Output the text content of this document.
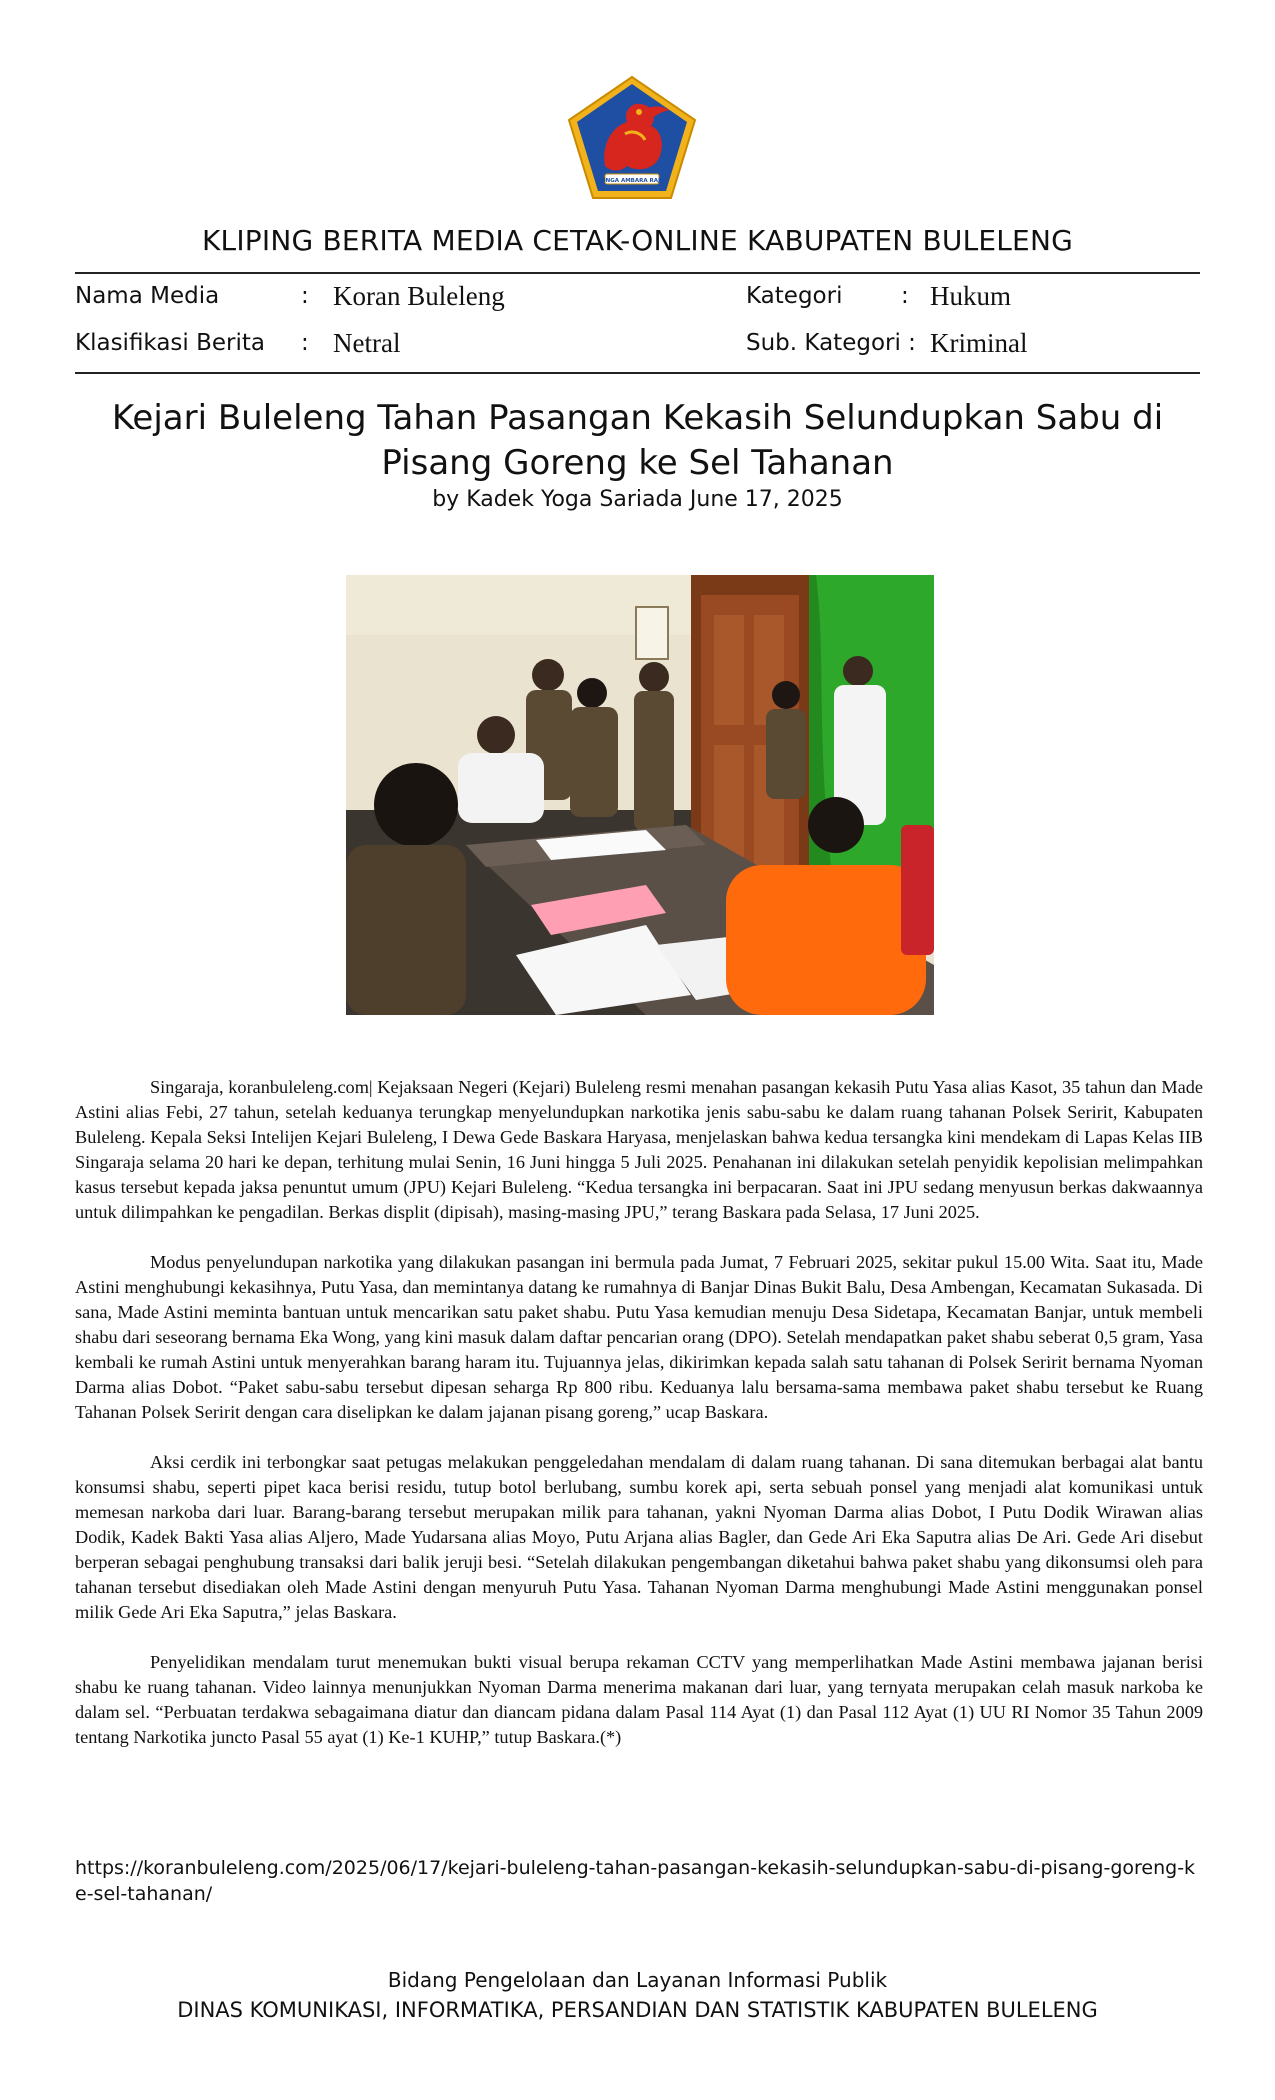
SINGA AMBARA RAJA
KLIPING BERITA MEDIA CETAK-ONLINE KABUPATEN BULELENG
Nama Media	: Koran Buleleng
Klasifikasi Berita : Netral
Kategori	: Hukum
Sub. Kategori : Kriminal
Kejari Buleleng Tahan Pasangan Kekasih Selundupkan Sabu di Pisang Goreng ke Sel Tahanan
by Kadek Yoga Sariada June 17, 2025

Singaraja, koranbuleleng.com| Kejaksaan Negeri (Kejari) Buleleng resmi menahan pasangan kekasih Putu Yasa alias Kasot, 35 tahun dan Made Astini alias Febi, 27 tahun, setelah keduanya terungkap menyelundupkan narkotika jenis sabu-sabu ke dalam ruang tahanan Polsek Seririt, Kabupaten Buleleng. Kepala Seksi Intelijen Kejari Buleleng, I Dewa Gede Baskara Haryasa, menjelaskan bahwa kedua tersangka kini mendekam di Lapas Kelas IIB Singaraja selama 20 hari ke depan, terhitung mulai Senin, 16 Juni hingga 5 Juli 2025. Penahanan ini dilakukan setelah penyidik kepolisian melimpahkan kasus tersebut kepada jaksa penuntut umum (JPU) Kejari Buleleng. “Kedua tersangka ini berpacaran. Saat ini JPU sedang menyusun berkas dakwaannya untuk dilimpahkan ke pengadilan. Berkas displit (dipisah), masing-masing JPU,” terang Baskara pada Selasa, 17 Juni 2025.

Modus penyelundupan narkotika yang dilakukan pasangan ini bermula pada Jumat, 7 Februari 2025, sekitar pukul 15.00 Wita. Saat itu, Made Astini menghubungi kekasihnya, Putu Yasa, dan memintanya datang ke rumahnya di Banjar Dinas Bukit Balu, Desa Ambengan, Kecamatan Sukasada. Di sana, Made Astini meminta bantuan untuk mencarikan satu paket shabu. Putu Yasa kemudian menuju Desa Sidetapa, Kecamatan Banjar, untuk membeli shabu dari seseorang bernama Eka Wong, yang kini masuk dalam daftar pencarian orang (DPO). Setelah mendapatkan paket shabu seberat 0,5 gram, Yasa kembali ke rumah Astini untuk menyerahkan barang haram itu. Tujuannya jelas, dikirimkan kepada salah satu tahanan di Polsek Seririt bernama Nyoman Darma alias Dobot. “Paket sabu-sabu tersebut dipesan seharga Rp 800 ribu. Keduanya lalu bersama-sama membawa paket shabu tersebut ke Ruang Tahanan Polsek Seririt dengan cara diselipkan ke dalam jajanan pisang goreng,” ucap Baskara.

Aksi cerdik ini terbongkar saat petugas melakukan penggeledahan mendalam di dalam ruang tahanan. Di sana ditemukan berbagai alat bantu konsumsi shabu, seperti pipet kaca berisi residu, tutup botol berlubang, sumbu korek api, serta sebuah ponsel yang menjadi alat komunikasi untuk memesan narkoba dari luar. Barang-barang tersebut merupakan milik para tahanan, yakni Nyoman Darma alias Dobot, I Putu Dodik Wirawan alias Dodik, Kadek Bakti Yasa alias Aljero, Made Yudarsana alias Moyo, Putu Arjana alias Bagler, dan Gede Ari Eka Saputra alias De Ari. Gede Ari disebut berperan sebagai penghubung transaksi dari balik jeruji besi. “Setelah dilakukan pengembangan diketahui bahwa paket shabu yang dikonsumsi oleh para tahanan tersebut disediakan oleh Made Astini dengan menyuruh Putu Yasa. Tahanan Nyoman Darma menghubungi Made Astini menggunakan ponsel milik Gede Ari Eka Saputra,” jelas Baskara.

Penyelidikan mendalam turut menemukan bukti visual berupa rekaman CCTV yang memperlihatkan Made Astini membawa jajanan berisi shabu ke ruang tahanan. Video lainnya menunjukkan Nyoman Darma menerima makanan dari luar, yang ternyata merupakan celah masuk narkoba ke dalam sel. “Perbuatan terdakwa sebagaimana diatur dan diancam pidana dalam Pasal 114 Ayat (1) dan Pasal 112 Ayat (1) UU RI Nomor 35 Tahun 2009 tentang Narkotika juncto Pasal 55 ayat (1) Ke-1 KUHP,” tutup Baskara.(*)

https://koranbuleleng.com/2025/06/17/kejari-buleleng-tahan-pasangan-kekasih-selundupkan-sabu-di-pisang-goreng-ke-sel-tahanan/
Bidang Pengelolaan dan Layanan Informasi Publik
DINAS KOMUNIKASI, INFORMATIKA, PERSANDIAN DAN STATISTIK KABUPATEN BULELENG
